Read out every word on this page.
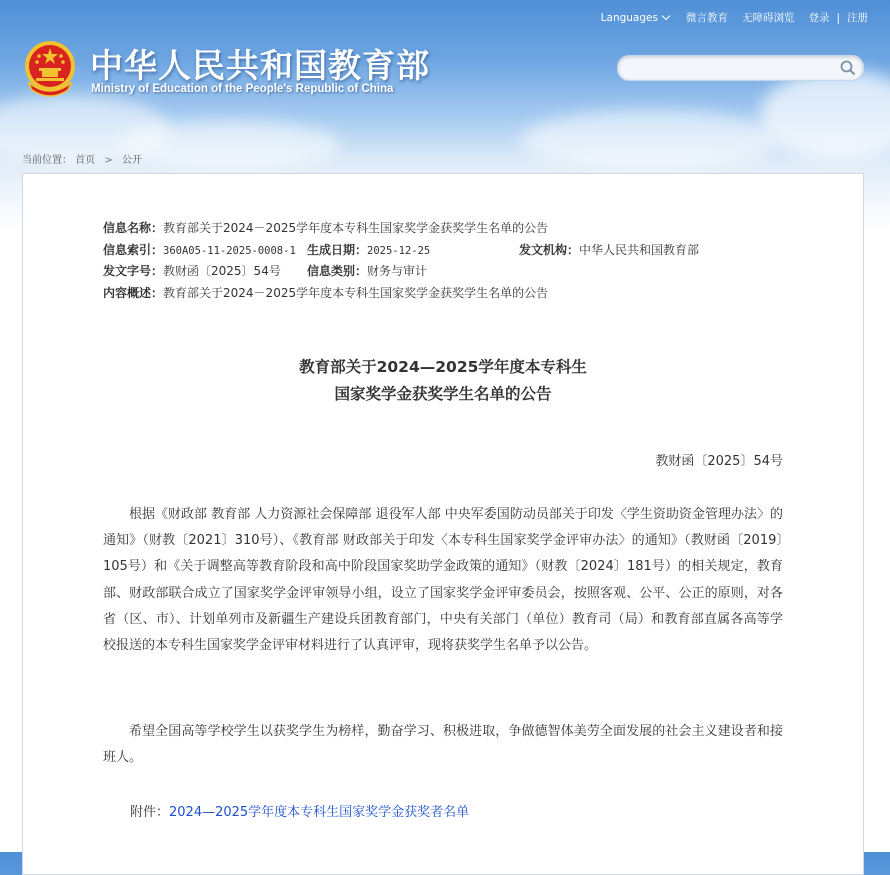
中华人民共和国教育部
Ministry of Education of the People's Republic of China
Languages	微言教育 无障碍浏览 登录 | 注册
当前位置： 首页 > 公开
信息名称：教育部关于2024－2025学年度本专科生国家奖学金获奖学生名单的公告
信息索引：360A05-11-2025-0008-1 生成日期：2025-12-25	发文机构：中华人民共和国教育部
发文字号：教财函〔2025〕54号 信息类别：财务与审计
内容概述：教育部关于2024－2025学年度本专科生国家奖学金获奖学生名单的公告
教育部关于2024—2025学年度本专科生
国家奖学金获奖学生名单的公告
教财函〔2025〕54号
根据《财政部 教育部 人力资源社会保障部 退役军人部 中央军委国防动员部关于印发〈学生资助资金管理办法〉的通知》（财教〔2021〕310号）、《教育部 财政部关于印发〈本专科生国家奖学金评审办法〉的通知》（教财函〔2019〕105号）和《关于调整高等教育阶段和高中阶段国家奖助学金政策的通知》（财教〔2024〕181号）的相关规定，教育部、财政部联合成立了国家奖学金评审领导小组，设立了国家奖学金评审委员会，按照客观、公平、公正的原则，对各省（区、市）、计划单列市及新疆生产建设兵团教育部门，中央有关部门（单位）教育司（局）和教育部直属各高等学校报送的本专科生国家奖学金评审材料进行了认真评审，现将获奖学生名单予以公告。
希望全国高等学校学生以获奖学生为榜样，勤奋学习、积极进取，争做德智体美劳全面发展的社会主义建设者和接班人。
附件：2024—2025学年度本专科生国家奖学金获奖者名单
